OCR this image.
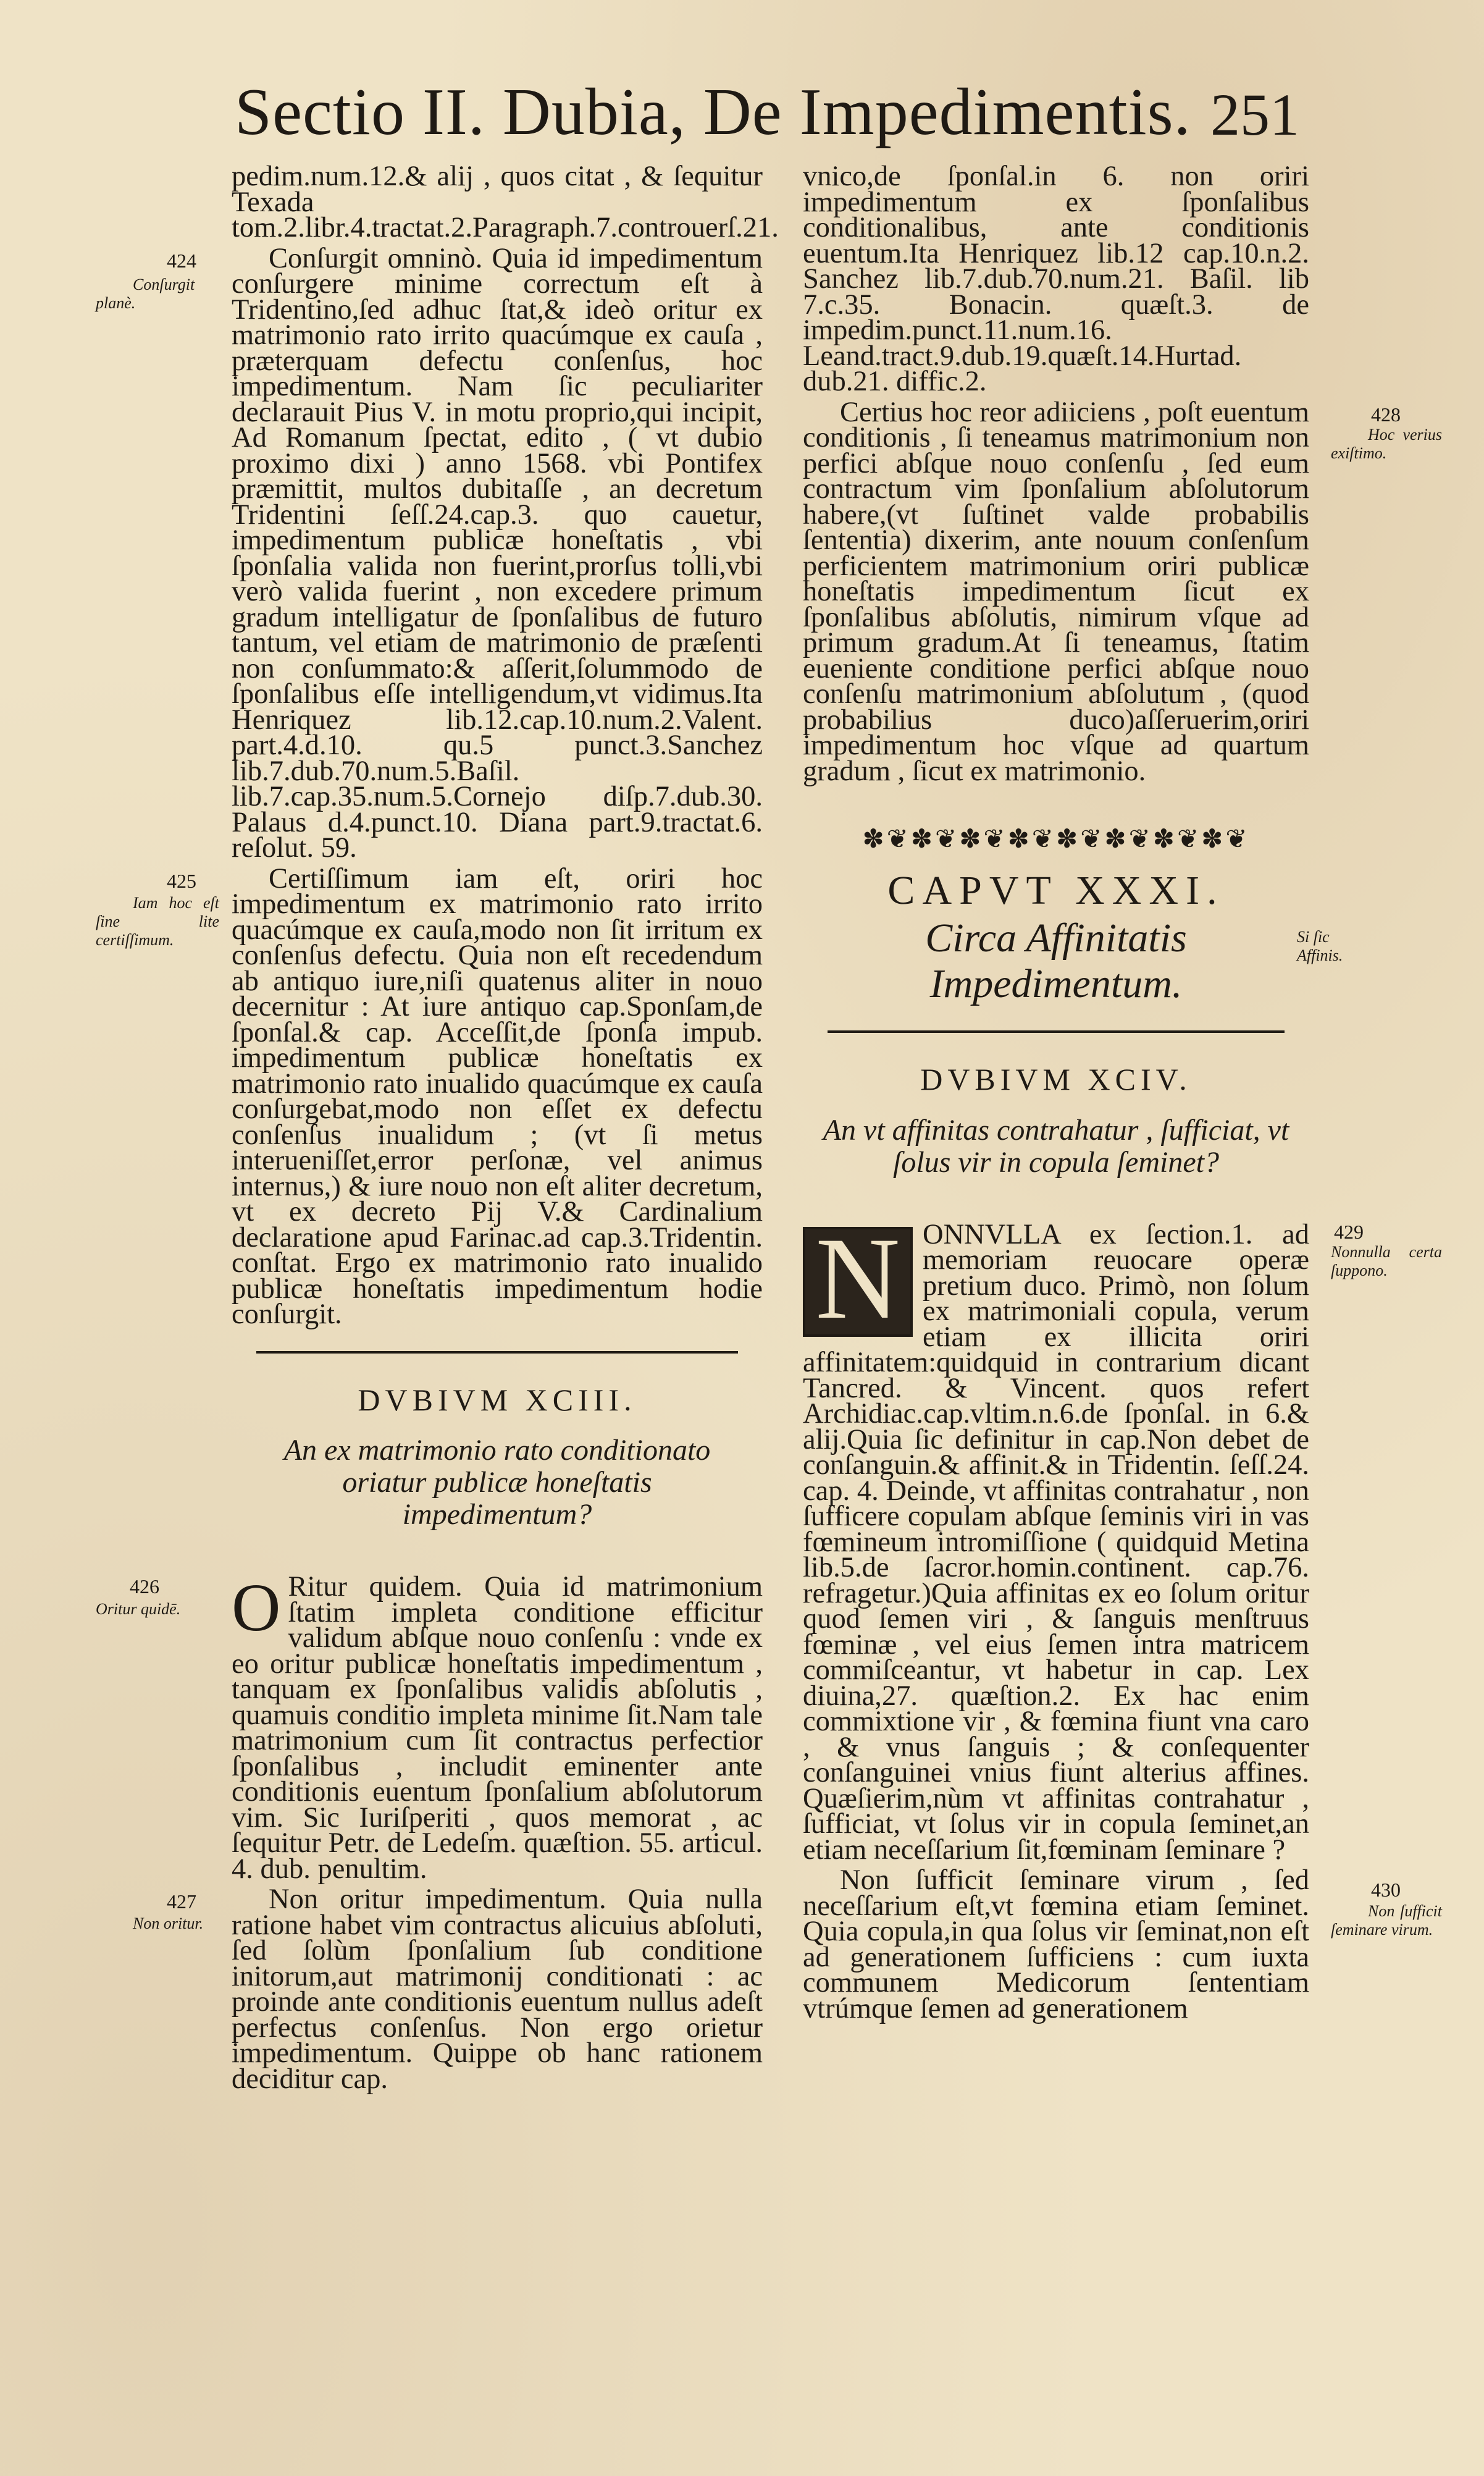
Sectio II. Dubia, De Impedimentis. 251

pedim.num.12.& alij , quos citat , & ſequitur Texada tom.2.libr.4.tractat.2.Paragraph.7.controuerſ.21.

424
Conſurgit planè.
Conſurgit omninò. Quia id impedimentum conſurgere minime correctum eſt à Tridentino,ſed adhuc ſtat,& ideò oritur ex matrimonio rato irrito quacúmque ex cauſa , præterquam defectu conſenſus, hoc impedimentum. Nam ſic peculiariter declarauit Pius V. in motu proprio,qui incipit, Ad Romanum ſpectat, edito , ( vt dubio proximo dixi ) anno 1568. vbi Pontifex præmittit, multos dubitaſſe , an decretum Tridentini ſeſſ.24.cap.3. quo cauetur, impedimentum publicæ honeſtatis , vbi ſponſalia valida non fuerint,prorſus tolli,vbi verò valida fuerint , non excedere primum gradum intelligatur de ſponſalibus de futuro tantum, vel etiam de matrimonio de præſenti non conſummato:& aſſerit,ſolummodo de ſponſalibus eſſe intelligendum,vt vidimus.Ita Henriquez lib.12.cap.10.num.2.Valent. part.4.d.10. qu.5 punct.3.Sanchez lib.7.dub.70.num.5.Baſil. lib.7.cap.35.num.5.Cornejo diſp.7.dub.30. Palaus d.4.punct.10. Diana part.9.tractat.6. reſolut. 59.
425
Iam hoc eſt ſine lite certiſſimum.
Certiſſimum iam eſt, oriri hoc impedimentum ex matrimonio rato irrito quacúmque ex cauſa,modo non ſit irritum ex conſenſus defectu. Quia non eſt recedendum ab antiquo iure,niſi quatenus aliter in nouo decernitur : At iure antiquo cap.Sponſam,de ſponſal.& cap. Acceſſit,de ſponſa impub. impedimentum publicæ honeſtatis ex matrimonio rato inualido quacúmque ex cauſa conſurgebat,modo non eſſet ex defectu conſenſus inualidum ; (vt ſi metus interueniſſet,error perſonæ, vel animus internus,) & iure nouo non eſt aliter decretum, vt ex decreto Pij V.& Cardinalium declaratione apud Farinac.ad cap.3.Tridentin. conſtat. Ergo ex matrimonio rato inualido publicæ honeſtatis impedimentum hodie conſurgit.
DVBIVM XCIII.
An ex matrimonio rato conditionato oriatur publicæ honeſtatis impedimentum?
426
Oritur quidē. O Ritur quidem. Quia id matrimonium ſtatim impleta conditione efficitur validum abſque nouo conſenſu : vnde ex eo oritur publicæ honeſtatis impedimentum , tanquam ex ſponſalibus validis abſolutis , quamuis conditio impleta minime ſit.Nam tale matrimonium cum ſit contractus perfectior ſponſalibus , includit eminenter ante conditionis euentum ſponſalium abſolutorum vim. Sic Iuriſperiti , quos memorat , ac ſequitur Petr. de Ledeſm. quæſtion. 55. articul. 4. dub. penultim.
427
Non oritur.
Non oritur impedimentum. Quia nulla ratione habet vim contractus alicuius abſoluti, ſed ſolùm ſponſalium ſub conditione initorum,aut matrimonij conditionati : ac proinde ante conditionis euentum nullus adeſt perfectus conſenſus. Non ergo orietur impedimentum. Quippe ob hanc rationem deciditur cap.

vnico,de ſponſal.in 6. non oriri impedimentum ex ſponſalibus conditionalibus, ante conditionis euentum.Ita Henriquez lib.12 cap.10.n.2. Sanchez lib.7.dub.70.num.21. Baſil. lib 7.c.35. Bonacin. quæſt.3. de impedim.punct.11.num.16. Leand.tract.9.dub.19.quæſt.14.Hurtad. dub.21. diffic.2.

428
Hoc verius exiſtimo.
Certius hoc reor adiiciens , poſt euentum conditionis , ſi teneamus matrimonium non perfici abſque nouo conſenſu , ſed eum contractum vim ſponſalium abſolutorum habere,(vt ſuſtinet valde probabilis ſententia) dixerim, ante nouum conſenſum perficientem matrimonium oriri publicæ honeſtatis impedimentum ſicut ex ſponſalibus abſolutis, nimirum vſque ad primum gradum.At ſi teneamus, ſtatim eueniente conditione perfici abſque nouo conſenſu matrimonium abſolutum , (quod probabilius duco)aſſeruerim,oriri impedimentum hoc vſque ad quartum gradum , ſicut ex matrimonio.
✽❦✽❦✽❦✽❦✽❦✽❦✽❦✽❦
CAPVT XXXI.
Circa Affinitatis Impedimentum.
Si ſic Affinis.
DVBIVM XCIV.
An vt affinitas contrahatur , ſufficiat, vt ſolus vir in copula ſeminet?
429
Nonnulla certa ſuppono.
N ONNVLLA ex ſection.1. ad memoriam reuocare operæ pretium duco. Primò, non ſolum ex matrimoniali copula, verum etiam ex illicita oriri affinitatem:quidquid in contrarium dicant Tancred. & Vincent. quos refert Archidiac.cap.vltim.n.6.de ſponſal. in 6.& alij.Quia ſic definitur in cap.Non debet de conſanguin.& affinit.& in Tridentin. ſeſſ.24. cap. 4. Deinde, vt affinitas contrahatur , non ſufficere copulam abſque ſeminis viri in vas fœmineum intromiſſione ( quidquid Metina lib.5.de ſacror.homin.continent. cap.76. refragetur.)Quia affinitas ex eo ſolum oritur quod ſemen viri , & ſanguis menſtruus fœminæ , vel eius ſemen intra matricem commiſceantur, vt habetur in cap. Lex diuina,27. quæſtion.2. Ex hac enim commixtione vir , & fœmina fiunt vna caro , & vnus ſanguis ; & conſequenter conſanguinei vnius fiunt alterius affines. Quæſierim,nùm vt affinitas contrahatur , ſufficiat, vt ſolus vir in copula ſeminet,an etiam neceſſarium ſit,fœminam ſeminare ?
430
Non ſufficit ſeminare virum.
Non ſufficit ſeminare virum , ſed neceſſarium eſt,vt fœmina etiam ſeminet. Quia copula,in qua ſolus vir ſeminat,non eſt ad generationem ſufficiens : cum iuxta communem Medicorum ſententiam vtrúmque ſemen ad generationem
